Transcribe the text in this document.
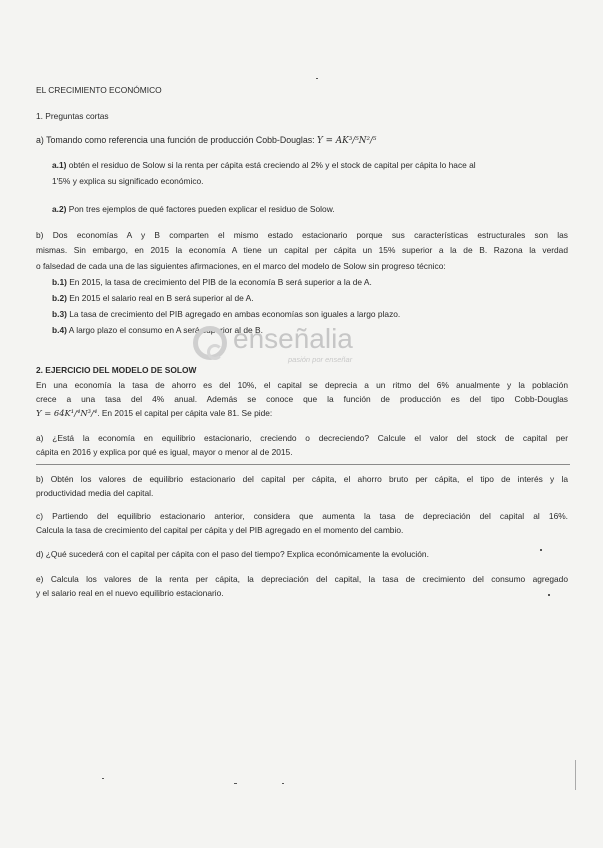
EL CRECIMIENTO ECONÓMICO
1. Preguntas cortas
a) Tomando como referencia una función de producción Cobb-Douglas: Y = AK³/⁵N²/⁵
a.1) obtén el residuo de Solow si la renta per cápita está creciendo al 2% y el stock de capital per cápita lo hace al
1'5% y explica su significado económico.
a.2) Pon tres ejemplos de qué factores pueden explicar el residuo de Solow.
b) Dos economías A y B comparten el mismo estado estacionario porque sus características estructurales son las
mismas. Sin embargo, en 2015 la economía A tiene un capital per cápita un 15% superior a la de B. Razona la verdad
o falsedad de cada una de las siguientes afirmaciones, en el marco del modelo de Solow sin progreso técnico:
b.1) En 2015, la tasa de crecimiento del PIB de la economía B será superior a la de A.
b.2) En 2015 el salario real en B será superior al de A.
b.3) La tasa de crecimiento del PIB agregado en ambas economías son iguales a largo plazo.
b.4) A largo plazo el consumo en A será superior al de B.
enseñalia
pasión por enseñar
2. EJERCICIO DEL MODELO DE SOLOW
En una economía la tasa de ahorro es del 10%, el capital se deprecia a un ritmo del 6% anualmente y la población
crece a una tasa del 4% anual. Además se conoce que la función de producción es del tipo Cobb-Douglas
Y = 64K¹/⁴N³/⁴. En 2015 el capital per cápita vale 81. Se pide:
a) ¿Está la economía en equilibrio estacionario, creciendo o decreciendo? Calcule el valor del stock de capital per
cápita en 2016 y explica por qué es igual, mayor o menor al de 2015.
b) Obtén los valores de equilibrio estacionario del capital per cápita, el ahorro bruto per cápita, el tipo de interés y la
productividad media del capital.
c) Partiendo del equilibrio estacionario anterior, considera que aumenta la tasa de depreciación del capital al 16%.
Calcula la tasa de crecimiento del capital per cápita y del PIB agregado en el momento del cambio.
d) ¿Qué sucederá con el capital per cápita con el paso del tiempo? Explica económicamente la evolución.
e) Calcula los valores de la renta per cápita, la depreciación del capital, la tasa de crecimiento del consumo agregado
y el salario real en el nuevo equilibrio estacionario.
